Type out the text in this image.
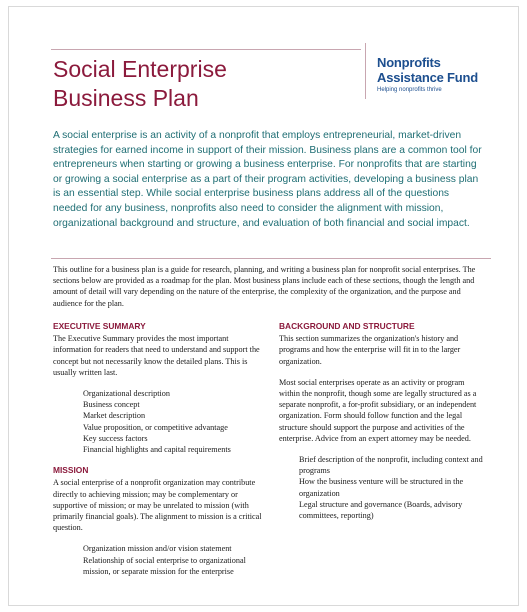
Social Enterprise
Business Plan
Nonprofits
Assistance Fund
Helping nonprofits thrive

A social enterprise is an activity of a nonprofit that employs entrepreneurial, market-driven strategies for earned income in support of their mission. Business plans are a common tool for entrepreneurs when starting or growing a business enterprise. For nonprofits that are starting or growing a social enterprise as a part of their program activities, developing a business plan is an essential step. While social enterprise business plans address all of the questions needed for any business, nonprofits also need to consider the alignment with mission, organizational background and structure, and evaluation of both financial and social impact.

This outline for a business plan is a guide for research, planning, and writing a business plan for nonprofit social enterprises. The sections below are provided as a roadmap for the plan. Most business plans include each of these sections, though the length and amount of detail will vary depending on the nature of the enterprise, the complexity of the organization, and the purpose and audience for the plan.

EXECUTIVE SUMMARY

The Executive Summary provides the most important information for readers that need to understand and support the concept but not necessarily know the detailed plans. This is usually written last.

Organizational description
Business concept
Market description
Value proposition, or competitive advantage
Key success factors
Financial highlights and capital requirements
MISSION

A social enterprise of a nonprofit organization may contribute directly to achieving mission; may be complementary or supportive of mission; or may be unrelated to mission (with primarily financial goals). The alignment to mission is a critical question.

Organization mission and/or vision statement
Relationship of social enterprise to organizational mission, or separate mission for the enterprise
BACKGROUND AND STRUCTURE

This section summarizes the organization's history and programs and how the enterprise will fit in to the larger organization.

Most social enterprises operate as an activity or program within the nonprofit, though some are legally structured as a separate nonprofit, a for-profit subsidiary, or an independent organization. Form should follow function and the legal structure should support the purpose and activities of the enterprise. Advice from an expert attorney may be needed.

Brief description of the nonprofit, including context and programs
How the business venture will be structured in the organization
Legal structure and governance (Boards, advisory committees, reporting)
